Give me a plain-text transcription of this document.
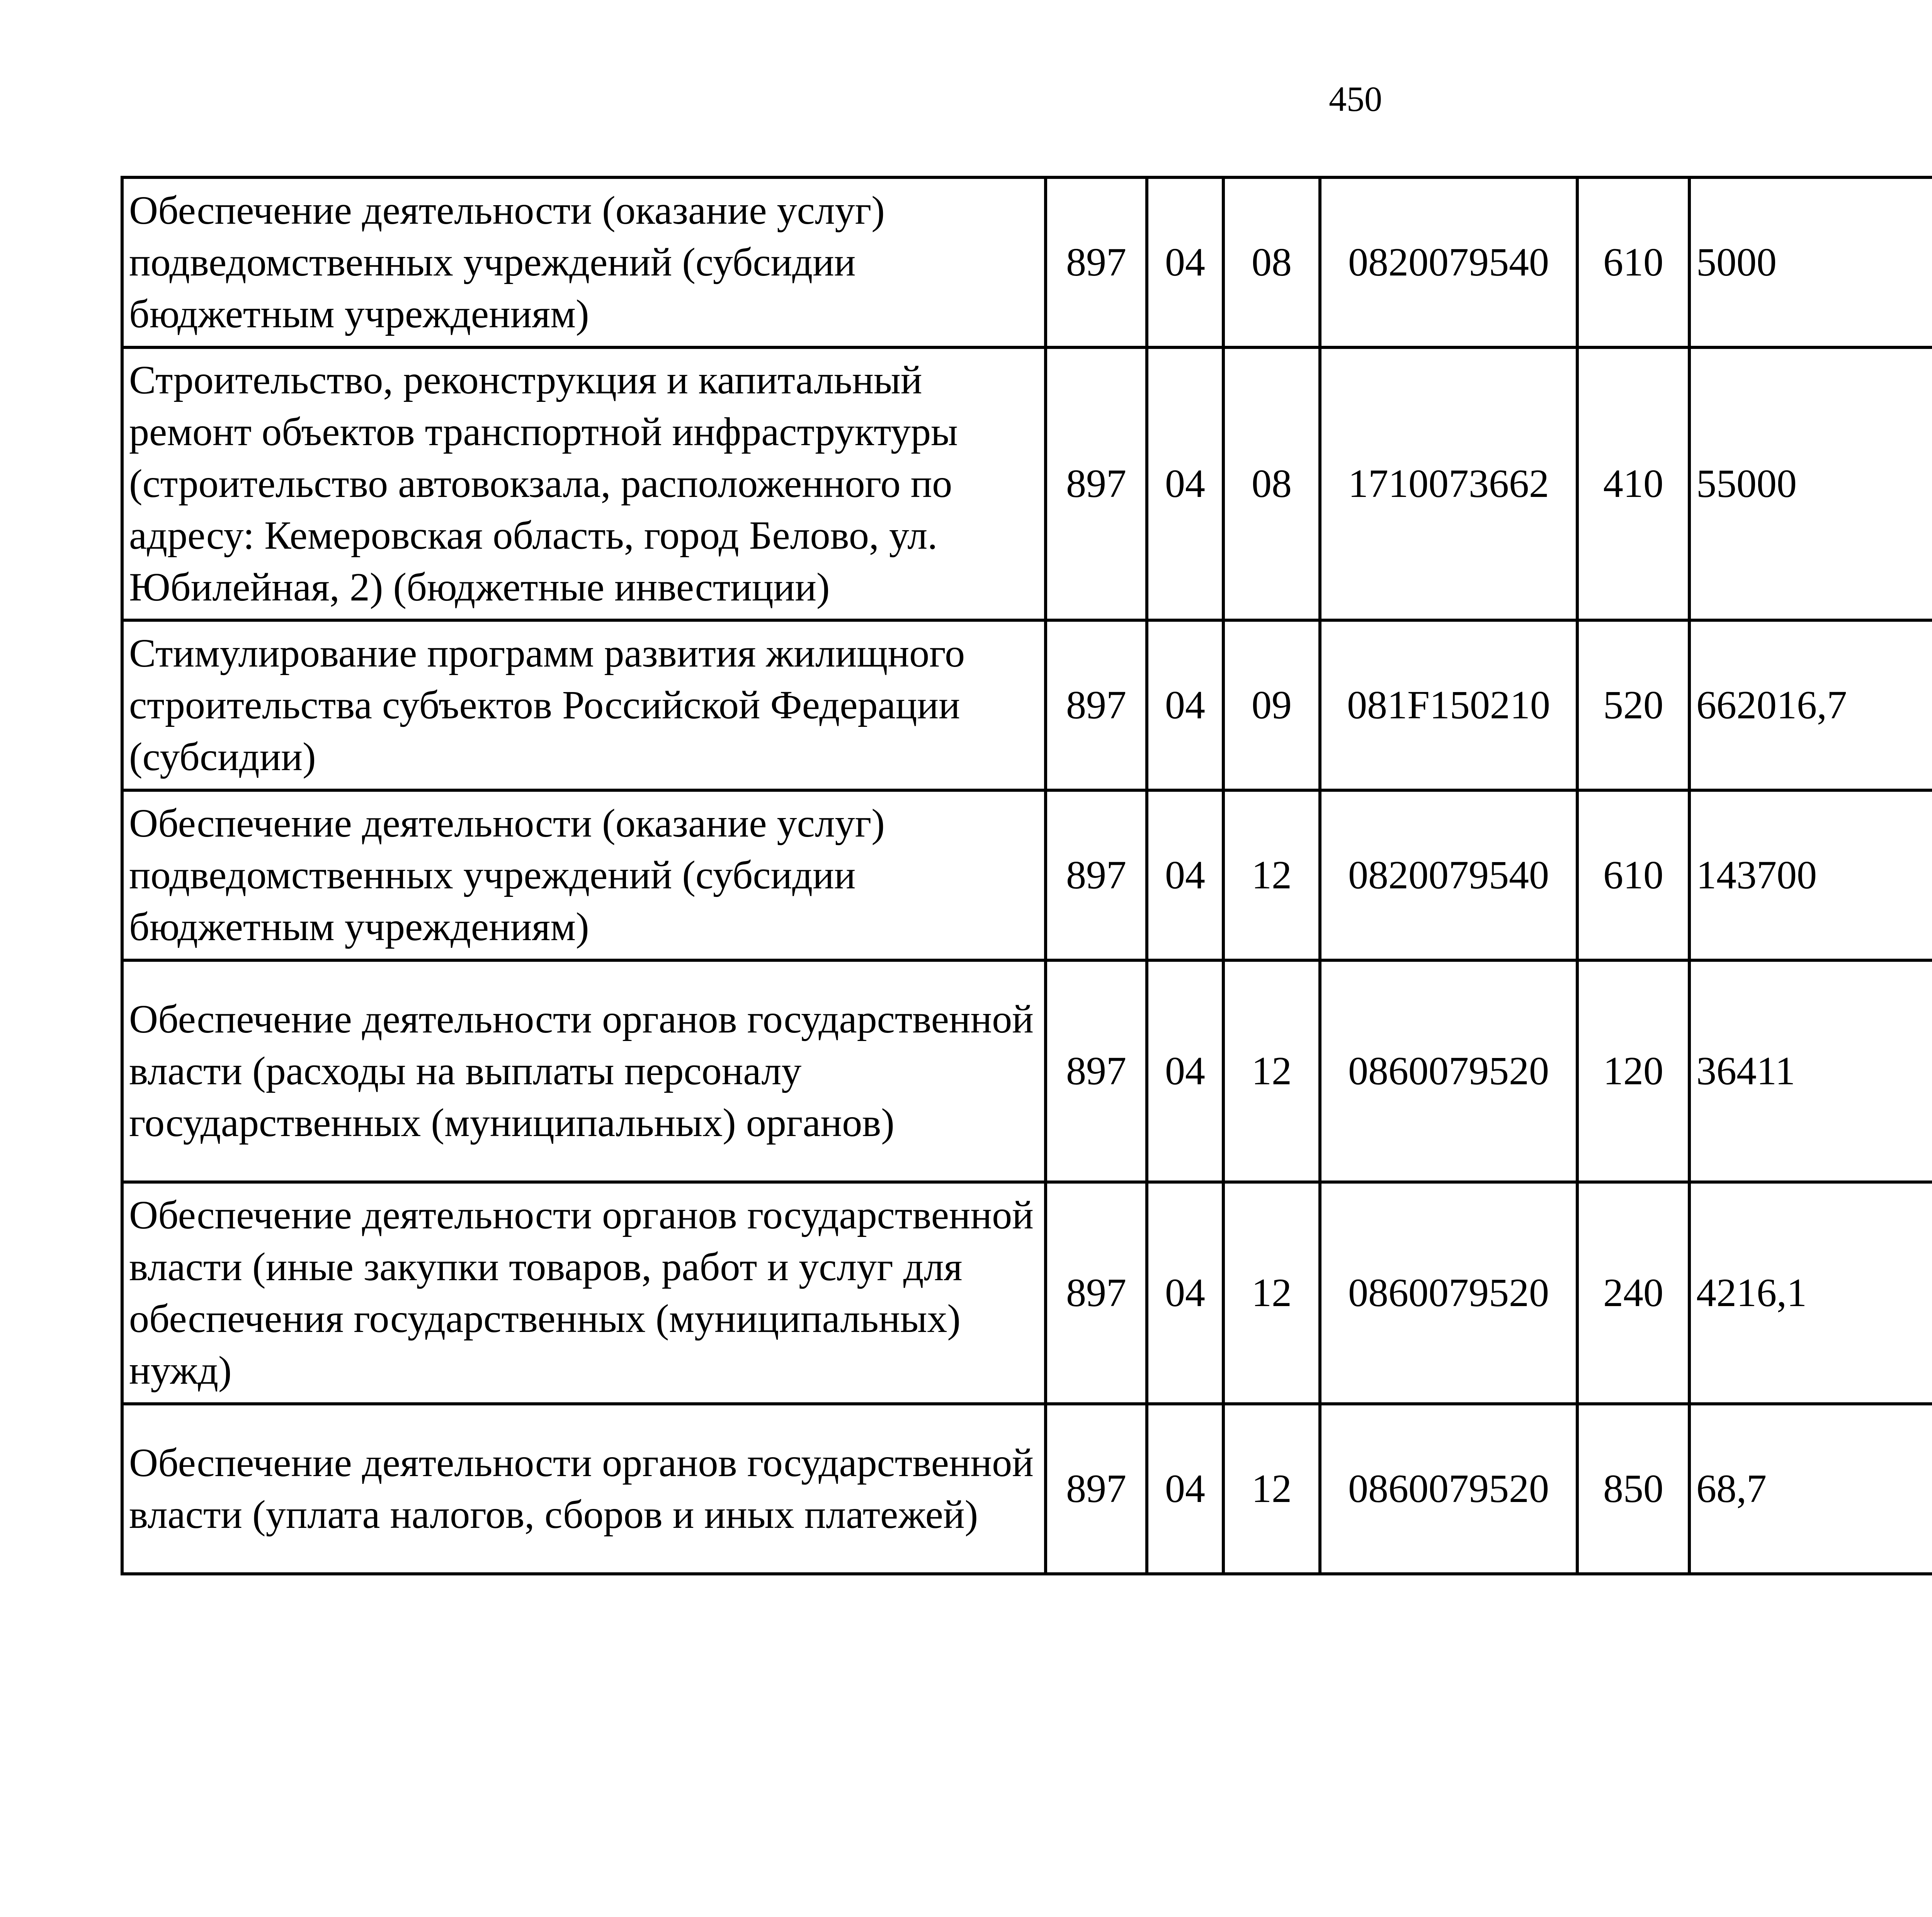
450
Обеспечение деятельности (оказание услуг) подведомственных учреждений (субсидии бюджетным учреждениям)	897	04	08	0820079540	610	5000		
Строительство, реконструкция и капитальный ремонт объектов транспортной инфраструктуры (строительство автовокзала, расположенного по адресу: Кемеровская область, город Белово, ул. Юбилейная, 2) (бюджетные инвестиции)	897	04	08	1710073662	410	55000		
Стимулирование программ развития жилищного строительства субъектов Российской Федерации (субсидии)	897	04	09	081F150210	520	662016,7		
Обеспечение деятельности (оказание услуг) подведомственных учреждений (субсидии бюджетным учреждениям)	897	04	12	0820079540	610	143700		
Обеспечение деятельности органов государственной власти (расходы на выплаты персоналу государственных (муниципальных) органов)	897	04	12	0860079520	120	36411		
Обеспечение деятельности органов государственной власти (иные закупки товаров, работ и услуг для обеспечения государственных (муниципальных) нужд)	897	04	12	0860079520	240	4216,1		
Обеспечение деятельности органов государственной власти (уплата налогов, сборов и иных платежей)	897	04	12	0860079520	850	68,7		
